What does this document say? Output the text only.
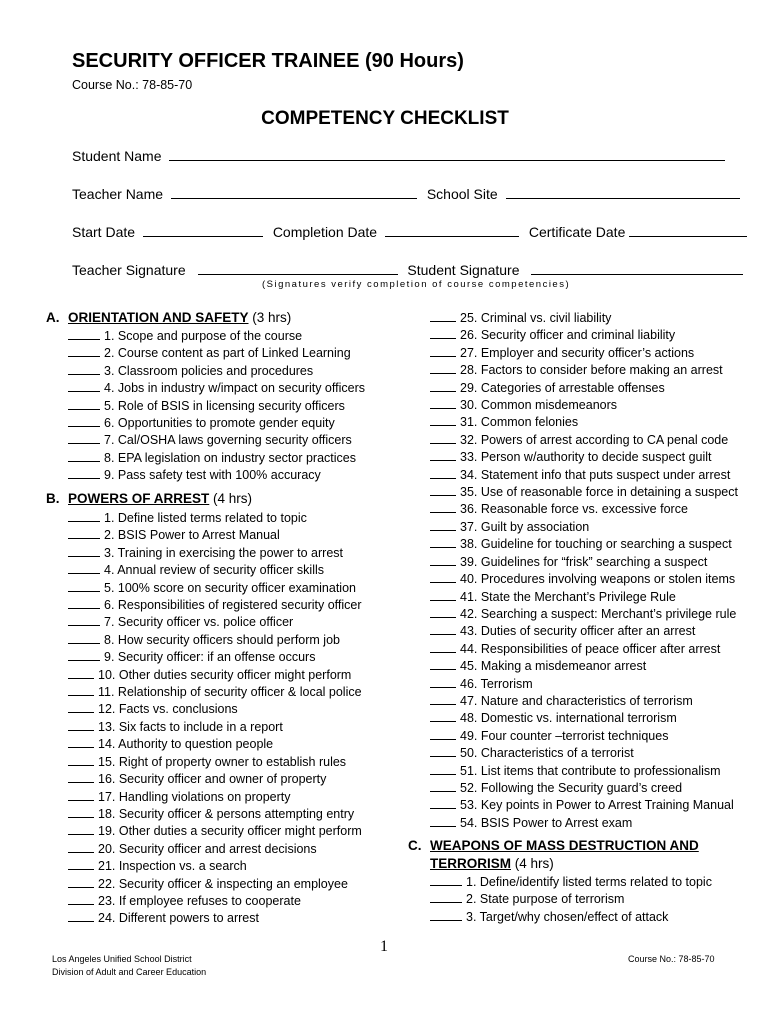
SECURITY OFFICER TRAINEE (90 Hours)
Course No.: 78-85-70
COMPETENCY CHECKLIST
Student Name
Teacher Name	School Site
Start Date	Completion Date	Certificate Date
Teacher Signature	Student Signature
(Signatures verify completion of course competencies)
A. ORIENTATION AND SAFETY (3 hrs)
1. Scope and purpose of the course
2. Course content as part of Linked Learning
3. Classroom policies and procedures
4. Jobs in industry w/impact on security officers
5. Role of BSIS in licensing security officers
6. Opportunities to promote gender equity
7. Cal/OSHA laws governing security officers
8. EPA legislation on industry sector practices
9. Pass safety test with 100% accuracy
B. POWERS OF ARREST (4 hrs)
1. Define listed terms related to topic
2. BSIS Power to Arrest Manual
3. Training in exercising the power to arrest
4. Annual review of security officer skills
5. 100% score on security officer examination
6. Responsibilities of registered security officer
7. Security officer vs. police officer
8. How security officers should perform job
9. Security officer: if an offense occurs
10. Other duties security officer might perform
11. Relationship of security officer & local police
12. Facts vs. conclusions
13. Six facts to include in a report
14. Authority to question people
15. Right of property owner to establish rules
16. Security officer and owner of property
17. Handling violations on property
18. Security officer & persons attempting entry
19. Other duties a security officer might perform
20. Security officer and arrest decisions
21. Inspection vs. a search
22. Security officer & inspecting an employee
23. If employee refuses to cooperate
24. Different powers to arrest
25. Criminal vs. civil liability
26. Security officer and criminal liability
27. Employer and security officer’s actions
28. Factors to consider before making an arrest
29. Categories of arrestable offenses
30. Common misdemeanors
31. Common felonies
32. Powers of arrest according to CA penal code
33. Person w/authority to decide suspect guilt
34. Statement info that puts suspect under arrest
35. Use of reasonable force in detaining a suspect
36. Reasonable force vs. excessive force
37. Guilt by association
38. Guideline for touching or searching a suspect
39. Guidelines for “frisk” searching a suspect
40. Procedures involving weapons or stolen items
41. State the Merchant’s Privilege Rule
42. Searching a suspect: Merchant’s privilege rule
43. Duties of security officer after an arrest
44. Responsibilities of peace officer after arrest
45. Making a misdemeanor arrest
46. Terrorism
47. Nature and characteristics of terrorism
48. Domestic vs. international terrorism
49. Four counter –terrorist techniques
50. Characteristics of a terrorist
51. List items that contribute to professionalism
52. Following the Security guard’s creed
53. Key points in Power to Arrest Training Manual
54. BSIS Power to Arrest exam
C. WEAPONS OF MASS DESTRUCTION AND
TERRORISM (4 hrs)
1. Define/identify listed terms related to topic
2. State purpose of terrorism
3. Target/why chosen/effect of attack
1
Los Angeles Unified School District
Division of Adult and Career Education
Course No.: 78-85-70
